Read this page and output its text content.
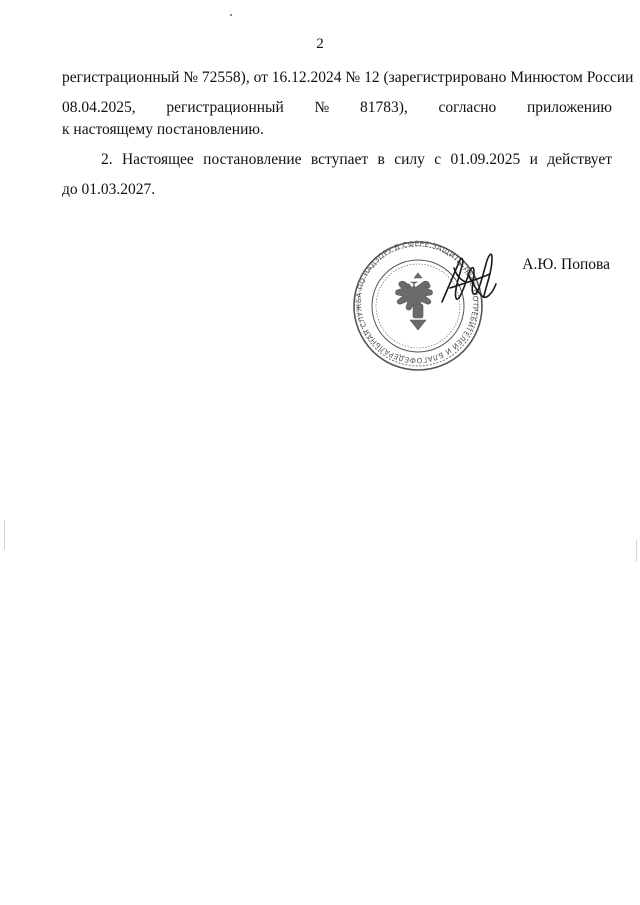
2
регистрационный № 72558), от 16.12.2024 № 12 (зарегистрировано Минюстом России
08.04.2025, регистрационный № 81783), согласно приложению
к настоящему постановлению.
2. Настоящее постановление вступает в силу с 01.09.2025 и действует
до 01.03.2027.
ФЕДЕРАЛЬНАЯ СЛУЖБА ПО НАДЗОРУ В СФЕРЕ ЗАЩИТЫ ПРАВ ПОТРЕБИТЕЛЕЙ И БЛАГО
А.Ю. Попова
